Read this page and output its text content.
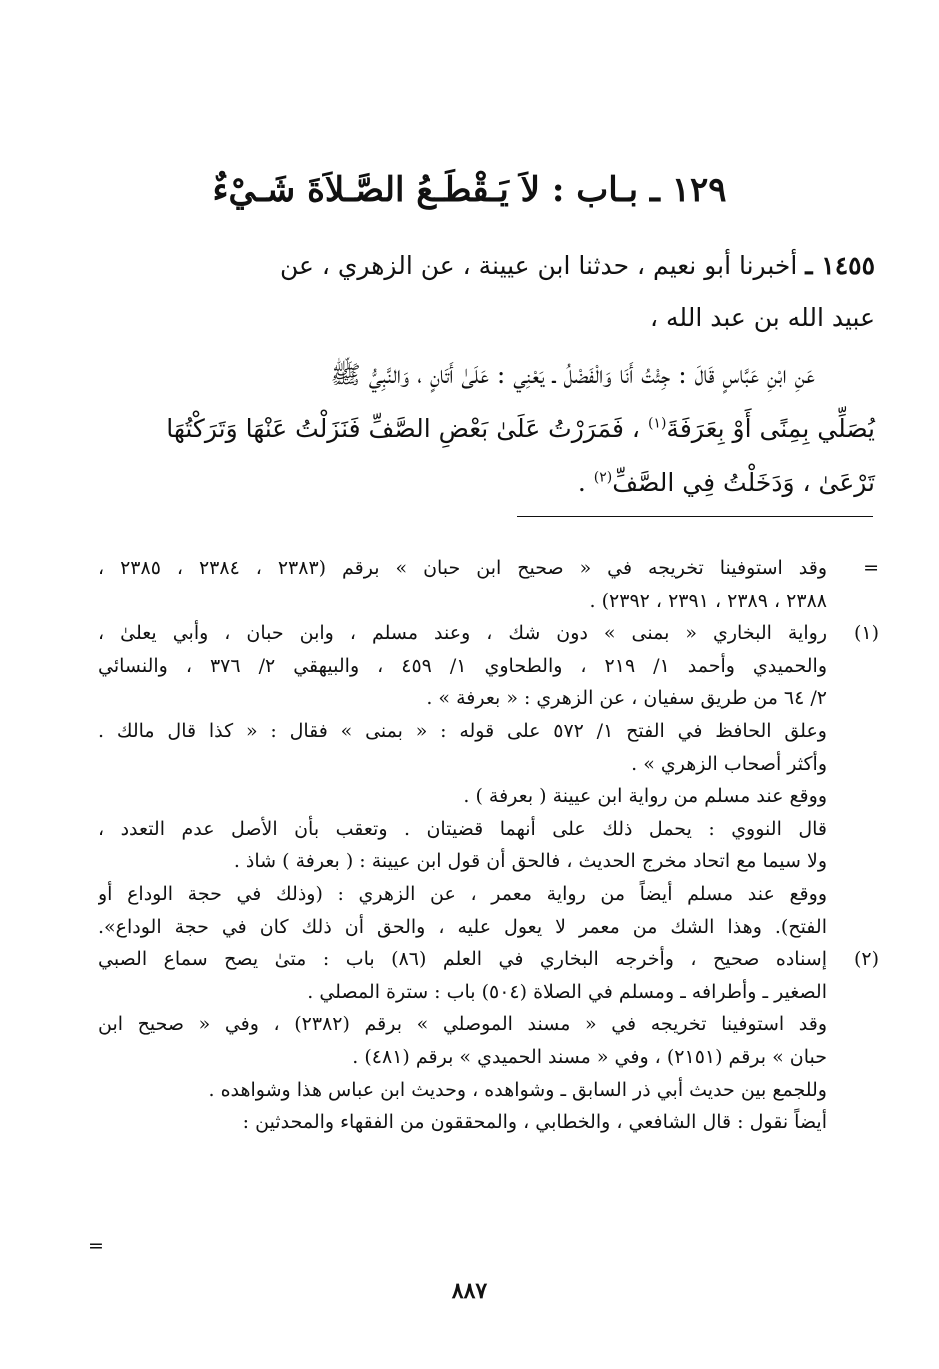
١٢٩ ـ بـاب : لاَ يَـقْطَـعُ الصَّـلاَةَ شَـيْءٌ
١٤٥٥ ـ أخبرنا أبو نعيم ، حدثنا ابن عيينة ، عن الزهري ، عن
عبيد الله بن عبد الله ،
عَنِ ابْنِ عَبَّاسٍ قَالَ : جِئْتُ أَنَا وَالْفَضْلُ ـ يَعْنِي : عَلَىٰ أَتَانٍ ، وَالنَّبِيُّ ﷺ
يُصَلِّي بِمِنًى أَوْ بِعَرَفَةَ$^{(١)}$ ، فَمَرَرْتُ عَلَىٰ بَعْضِ الصَّفِّ فَنَزَلْتُ عَنْهَا وَتَرَكْتُهَا
تَرْعَىٰ ، وَدَخَلْتُ فِي الصَّفِّ$^{(٢)}$ .
=
وقد استوفينا تخريجه في « صحيح ابن حبان » برقم (٢٣٨٣ ، ٢٣٨٤ ، ٢٣٨٥ ،
٢٣٨٨ ، ٢٣٨٩ ، ٢٣٩١ ، ٢٣٩٢) .
(١)
رواية البخاري « بمنى » دون شك ، وعند مسلم ، وابن حبان ، وأبي يعلىٰ ،
والحميدي وأحمد ١/ ٢١٩ ، والطحاوي ١/ ٤٥٩ ، والبيهقي ٢/ ٣٧٦ ، والنسائي
٢/ ٦٤ من طريق سفيان ، عن الزهري : « بعرفة » .
وعلق الحافظ في الفتح ١/ ٥٧٢ على قوله : « بمنى » فقال : « كذا قال مالك .
وأكثر أصحاب الزهري » .
ووقع عند مسلم من رواية ابن عيينة ( بعرفة ) .
قال النووي : يحمل ذلك على أنهما قضيتان . وتعقب بأن الأصل عدم التعدد ،
ولا سيما مع اتحاد مخرج الحديث ، فالحق أن قول ابن عيينة : ( بعرفة ) شاذ .
ووقع عند مسلم أيضاً من رواية معمر ، عن الزهري : (وذلك في حجة الوداع أو
الفتح). وهذا الشك من معمر لا يعول عليه ، والحق أن ذلك كان في حجة الوداع».
(٢)
إسناده صحيح ، وأخرجه البخاري في العلم (٨٦) باب : متىٰ يصح سماع الصبي
الصغير ـ وأطرافه ـ ومسلم في الصلاة (٥٠٤) باب : سترة المصلي .
وقد استوفينا تخريجه في « مسند الموصلي » برقم (٢٣٨٢) ، وفي « صحيح ابن
حبان » برقم (٢١٥١) ، وفي « مسند الحميدي » برقم (٤٨١) .
وللجمع بين حديث أبي ذر السابق ـ وشواهده ، وحديث ابن عباس هذا وشواهده .
أيضاً نقول : قال الشافعي ، والخطابي ، والمحققون من الفقهاء والمحدثين :
=
٨٨٧
